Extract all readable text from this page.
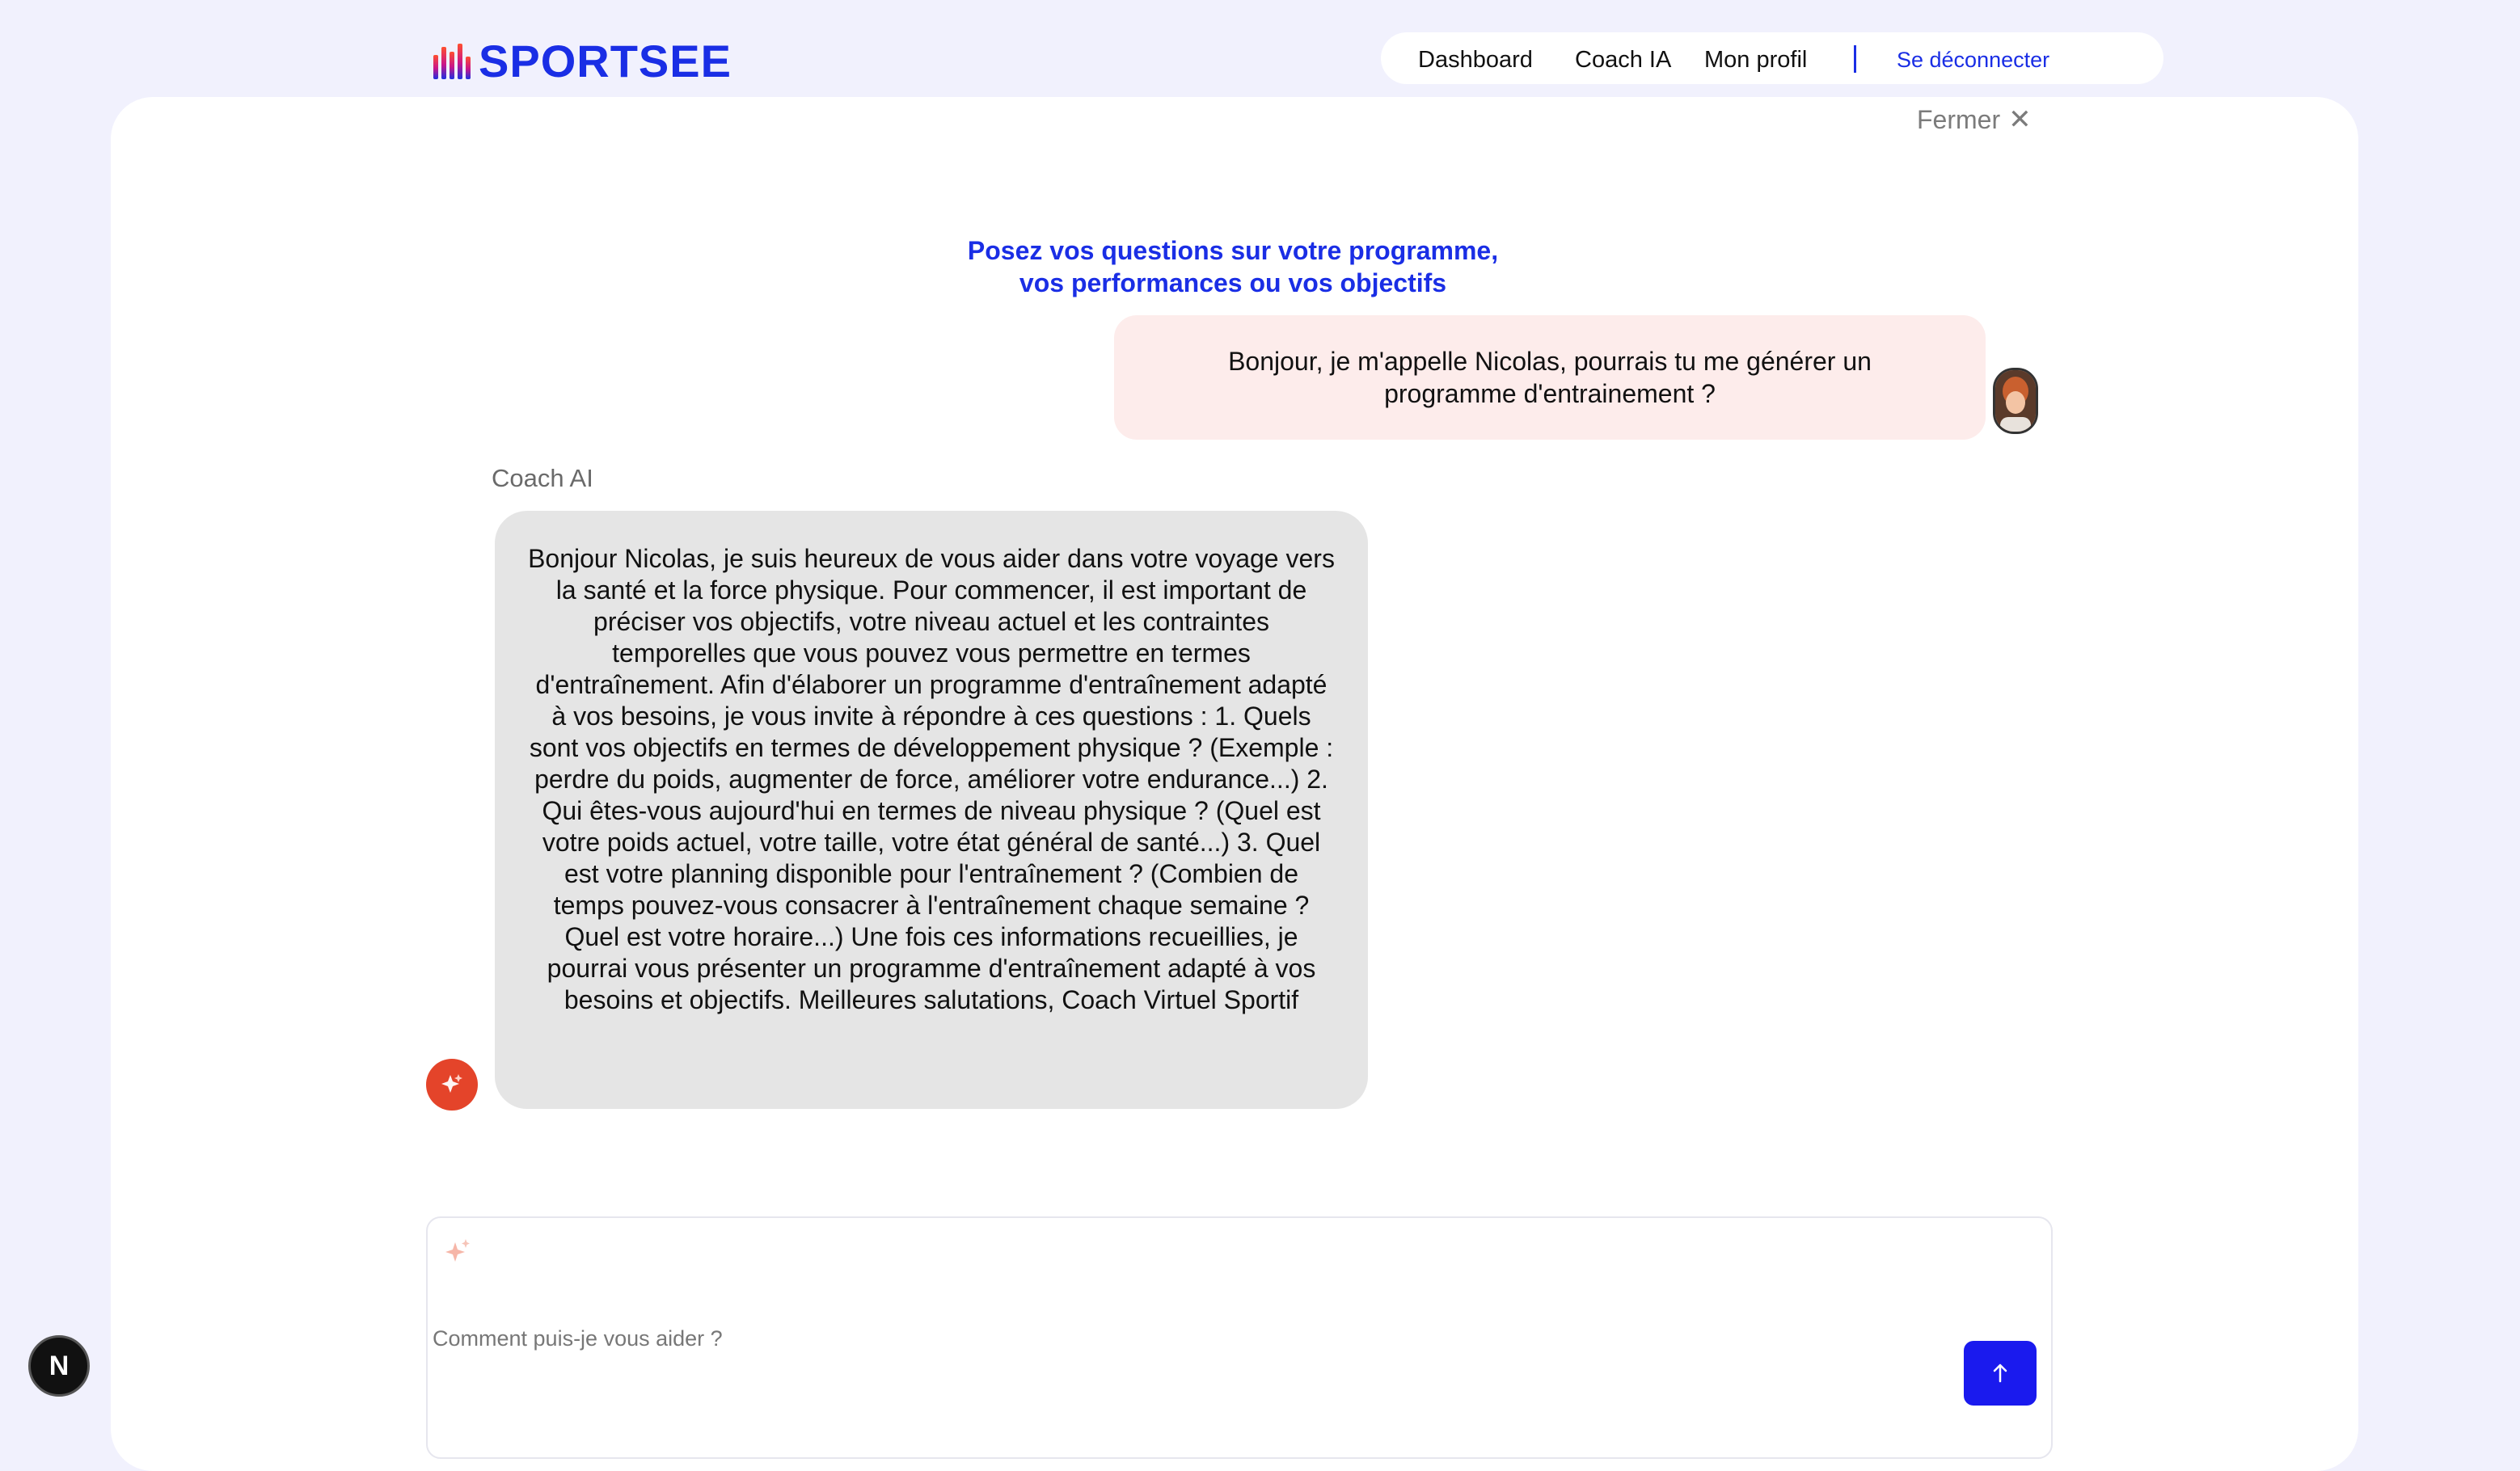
SPORTSEE	Dashboard Coach IA Mon profil	Se déconnecter
Fermer ✕
Posez vos questions sur votre programme,
vos performances ou vos objectifs
Bonjour, je m'appelle Nicolas, pourrais tu me générer un programme d'entrainement ?
Coach AI
Bonjour Nicolas, je suis heureux de vous aider dans votre voyage vers la santé et la force physique. Pour commencer, il est important de préciser vos objectifs, votre niveau actuel et les contraintes temporelles que vous pouvez vous permettre en termes d'entraînement. Afin d'élaborer un programme d'entraînement adapté à vos besoins, je vous invite à répondre à ces questions : 1. Quels sont vos objectifs en termes de développement physique ? (Exemple : perdre du poids, augmenter de force, améliorer votre endurance...) 2. Qui êtes-vous aujourd'hui en termes de niveau physique ? (Quel est votre poids actuel, votre taille, votre état général de santé...) 3. Quel est votre planning disponible pour l'entraînement ? (Combien de temps pouvez-vous consacrer à l'entraînement chaque semaine ? Quel est votre horaire...) Une fois ces informations recueillies, je pourrai vous présenter un programme d'entraînement adapté à vos besoins et objectifs. Meilleures salutations, Coach Virtuel Sportif
Comment puis-je vous aider ?
N
